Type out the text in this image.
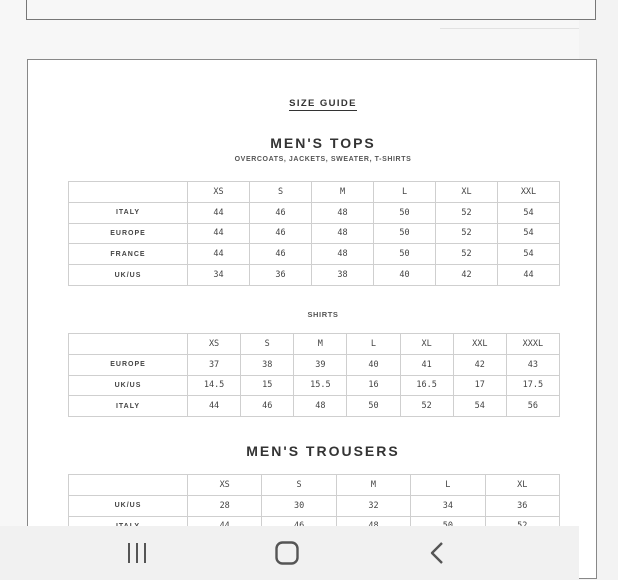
SIZE GUIDE
MEN'S TOPS
OVERCOATS, JACKETS, SWEATER, T-SHIRTS
	XS	S	M	L	XL	XXL
ITALY	44	46	48	50	52	54
EUROPE	44	46	48	50	52	54
FRANCE	44	46	48	50	52	54
UK/US	34	36	38	40	42	44
SHIRTS
	XS	S	M	L	XL	XXL	XXXL
EUROPE	37	38	39	40	41	42	43
UK/US	14.5	15	15.5	16	16.5	17	17.5
ITALY	44	46	48	50	52	54	56
MEN'S TROUSERS
	XS	S	M	L	XL
UK/US	28	30	32	34	36
